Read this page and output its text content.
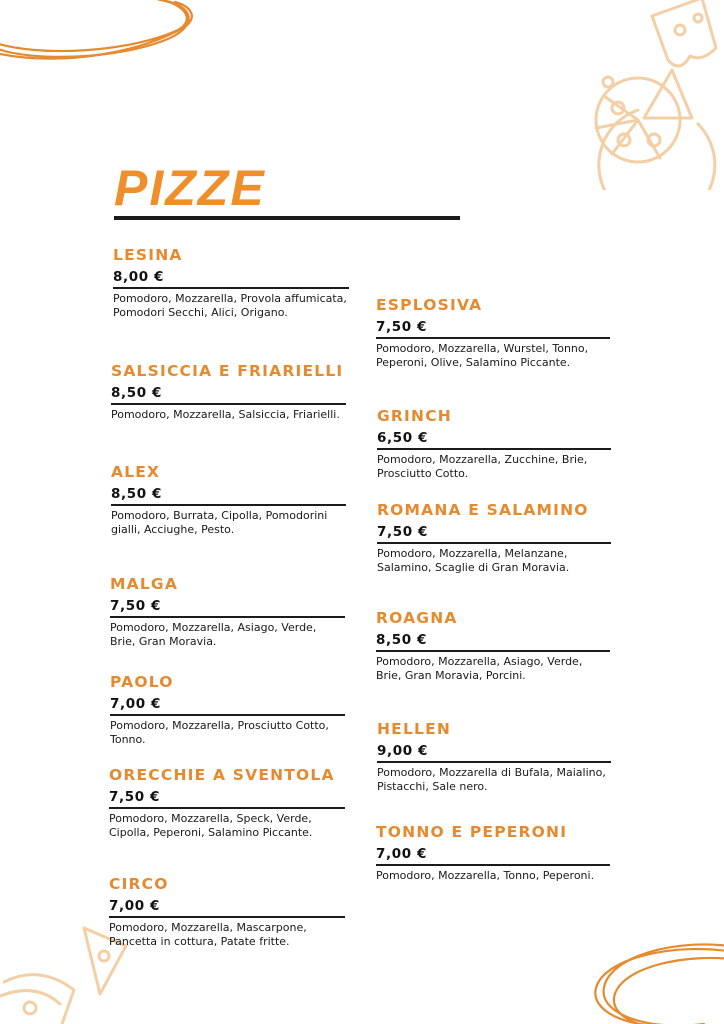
PIZZE
LESINA
8,00 €
Pomodoro, Mozzarella, Provola affumicata, Pomodori Secchi, Alici, Origano.
SALSICCIA E FRIARIELLI
8,50 €
Pomodoro, Mozzarella, Salsiccia, Friarielli.
ALEX
8,50 €
Pomodoro, Burrata, Cipolla, Pomodorini gialli, Acciughe, Pesto.
MALGA
7,50 €
Pomodoro, Mozzarella, Asiago, Verde, Brie, Gran Moravia.
PAOLO
7,00 €
Pomodoro, Mozzarella, Prosciutto Cotto, Tonno.
ORECCHIE A SVENTOLA
7,50 €
Pomodoro, Mozzarella, Speck, Verde, Cipolla, Peperoni, Salamino Piccante.
CIRCO
7,00 €
Pomodoro, Mozzarella, Mascarpone, Pancetta in cottura, Patate fritte.
ESPLOSIVA
7,50 €
Pomodoro, Mozzarella, Wurstel, Tonno, Peperoni, Olive, Salamino Piccante.
GRINCH
6,50 €
Pomodoro, Mozzarella, Zucchine, Brie, Prosciutto Cotto.
ROMANA E SALAMINO
7,50 €
Pomodoro, Mozzarella, Melanzane, Salamino, Scaglie di Gran Moravia.
ROAGNA
8,50 €
Pomodoro, Mozzarella, Asiago, Verde, Brie, Gran Moravia, Porcini.
HELLEN
9,00 €
Pomodoro, Mozzarella di Bufala, Maialino, Pistacchi, Sale nero.
TONNO E PEPERONI
7,00 €
Pomodoro, Mozzarella, Tonno, Peperoni.
